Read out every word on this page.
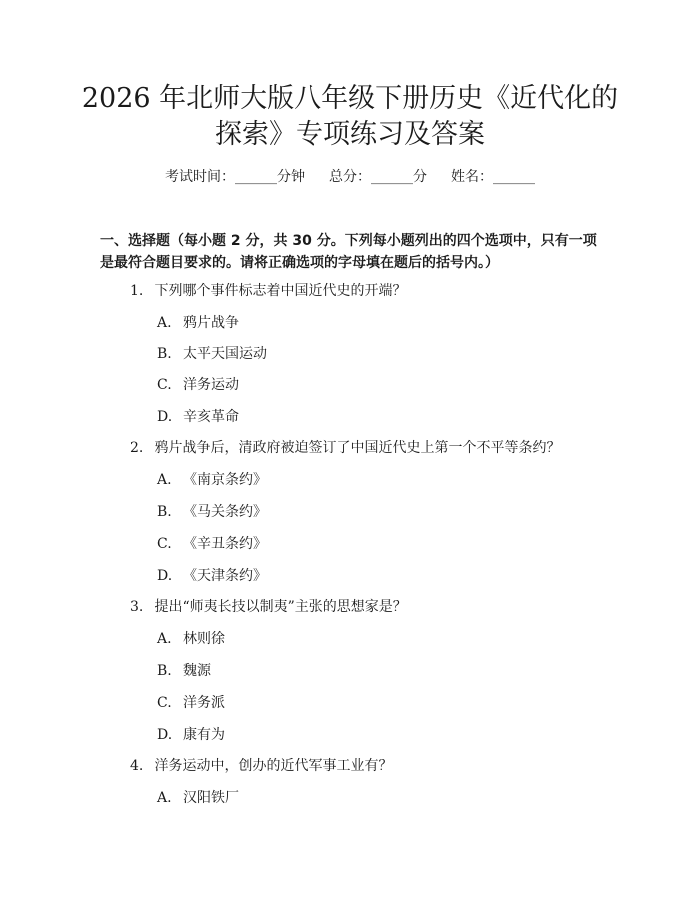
2026 年北师大版八年级下册历史《近代化的
探索》专项练习及答案
考试时间：______分钟 总分：______分 姓名：______
一、选择题（每小题 2 分，共 30 分。下列每小题列出的四个选项中，只有一项是最符合题目要求的。请将正确选项的字母填在题后的括号内。）
1. 下列哪个事件标志着中国近代史的开端？
A. 鸦片战争
B. 太平天国运动
C. 洋务运动
D. 辛亥革命
2. 鸦片战争后，清政府被迫签订了中国近代史上第一个不平等条约？
A. 《南京条约》
B. 《马关条约》
C. 《辛丑条约》
D. 《天津条约》
3. 提出“师夷长技以制夷”主张的思想家是？
A. 林则徐
B. 魏源
C. 洋务派
D. 康有为
4. 洋务运动中，创办的近代军事工业有？
A. 汉阳铁厂
